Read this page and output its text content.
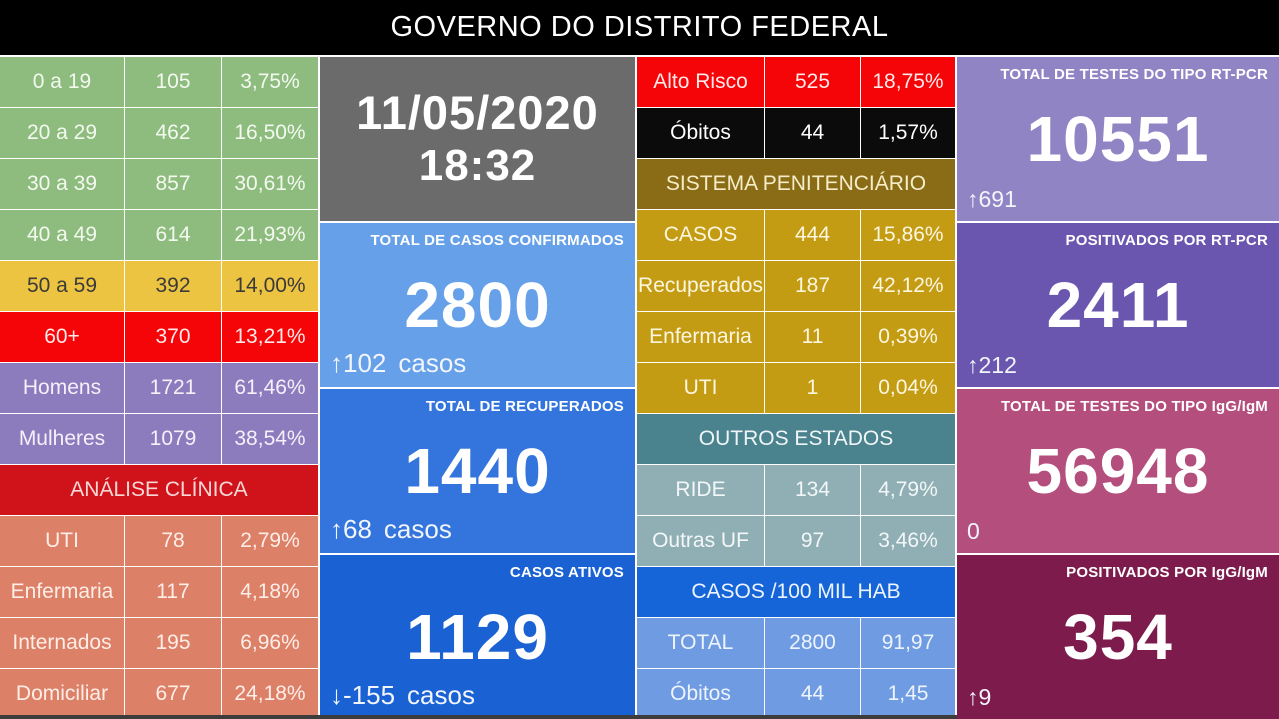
GOVERNO DO DISTRITO FEDERAL
0 a 19	105	3,75%
20 a 29	462	16,50%
30 a 39	857	30,61%
40 a 49	614	21,93%
50 a 59	392	14,00%
60+	370	13,21%
Homens	1721	61,46%
Mulheres	1079	38,54%
ANÁLISE CLÍNICA
UTI	78	2,79%
Enfermaria	117	4,18%
Internados	195	6,96%
Domiciliar	677	24,18%
11/05/2020
18:32
TOTAL DE CASOS CONFIRMADOS
2800
↑102 casos
TOTAL DE RECUPERADOS
1440
↑68 casos
CASOS ATIVOS
1129
↓-155 casos
Alto Risco	525	18,75%
Óbitos	44	1,57%
SISTEMA PENITENCIÁRIO
CASOS	444	15,86%
Recuperados	187	42,12%
Enfermaria	11	0,39%
UTI	1	0,04%
OUTROS ESTADOS
RIDE	134	4,79%
Outras UF	97	3,46%
CASOS /100 MIL HAB
TOTAL	2800	91,97
Óbitos	44	1,45
TOTAL DE TESTES DO TIPO RT-PCR
10551
↑691
POSITIVADOS POR RT-PCR
2411
↑212
TOTAL DE TESTES DO TIPO IgG/IgM
56948
0
POSITIVADOS POR IgG/IgM
354
↑9
